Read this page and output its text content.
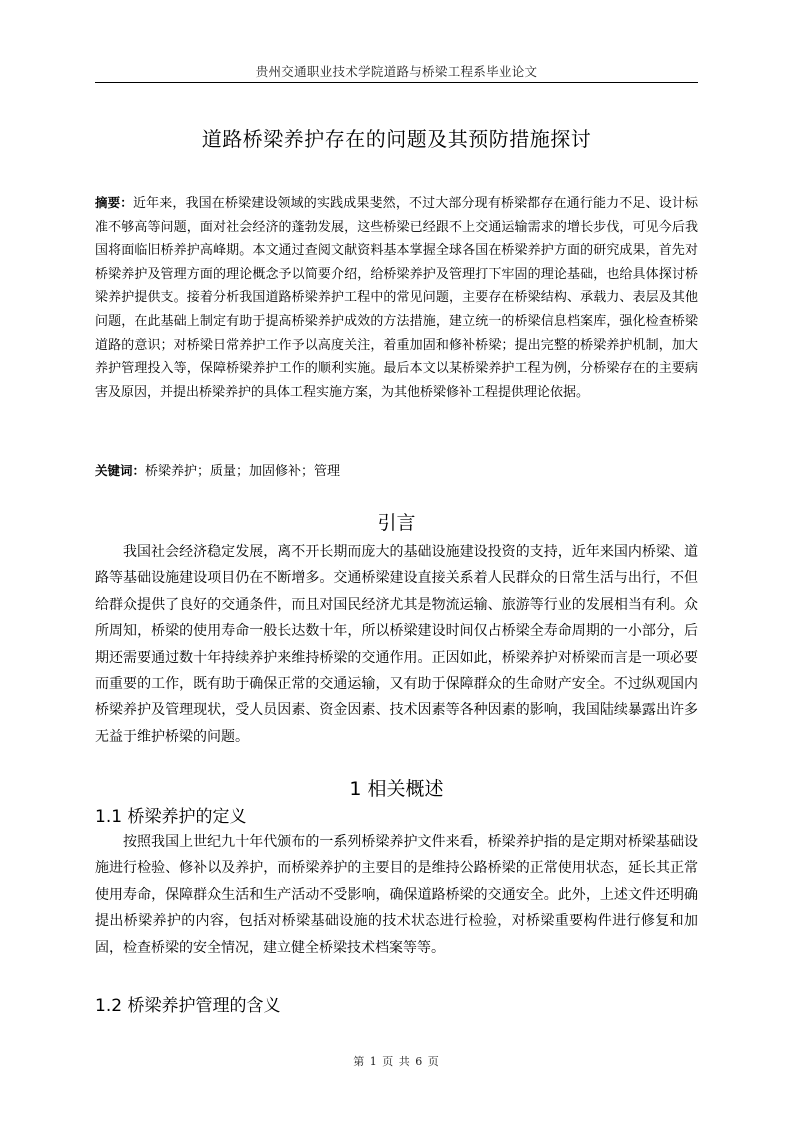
贵州交通职业技术学院道路与桥梁工程系毕业论文
道路桥梁养护存在的问题及其预防措施探讨
摘要：近年来，我国在桥梁建设领域的实践成果斐然，不过大部分现有桥梁都存在通行能力不足、设计标准不够高等问题，面对社会经济的蓬勃发展，这些桥梁已经跟不上交通运输需求的增长步伐，可见今后我国将面临旧桥养护高峰期。本文通过查阅文献资料基本掌握全球各国在桥梁养护方面的研究成果，首先对桥梁养护及管理方面的理论概念予以简要介绍，给桥梁养护及管理打下牢固的理论基础，也给具体探讨桥梁养护提供支。接着分析我国道路桥梁养护工程中的常见问题，主要存在桥梁结构、承载力、表层及其他问题，在此基础上制定有助于提高桥梁养护成效的方法措施，建立统一的桥梁信息档案库，强化检查桥梁道路的意识；对桥梁日常养护工作予以高度关注，着重加固和修补桥梁；提出完整的桥梁养护机制，加大养护管理投入等，保障桥梁养护工作的顺利实施。最后本文以某桥梁养护工程为例，分桥梁存在的主要病害及原因，并提出桥梁养护的具体工程实施方案，为其他桥梁修补工程提供理论依据。
关键词：桥梁养护；质量；加固修补；管理
引言

我国社会经济稳定发展，离不开长期而庞大的基础设施建设投资的支持，近年来国内桥梁、道路等基础设施建设项目仍在不断增多。交通桥梁建设直接关系着人民群众的日常生活与出行，不但给群众提供了良好的交通条件，而且对国民经济尤其是物流运输、旅游等行业的发展相当有利。众所周知，桥梁的使用寿命一般长达数十年，所以桥梁建设时间仅占桥梁全寿命周期的一小部分，后期还需要通过数十年持续养护来维持桥梁的交通作用。正因如此，桥梁养护对桥梁而言是一项必要而重要的工作，既有助于确保正常的交通运输，又有助于保障群众的生命财产安全。不过纵观国内桥梁养护及管理现状，受人员因素、资金因素、技术因素等各种因素的影响，我国陆续暴露出许多无益于维护桥梁的问题。

1 相关概述
1.1 桥梁养护的定义

按照我国上世纪九十年代颁布的一系列桥梁养护文件来看，桥梁养护指的是定期对桥梁基础设施进行检验、修补以及养护，而桥梁养护的主要目的是维持公路桥梁的正常使用状态，延长其正常使用寿命，保障群众生活和生产活动不受影响，确保道路桥梁的交通安全。此外，上述文件还明确提出桥梁养护的内容，包括对桥梁基础设施的技术状态进行检验，对桥梁重要构件进行修复和加固，检查桥梁的安全情况，建立健全桥梁技术档案等等。

1.2 桥梁养护管理的含义
第 1 页 共 6 页
